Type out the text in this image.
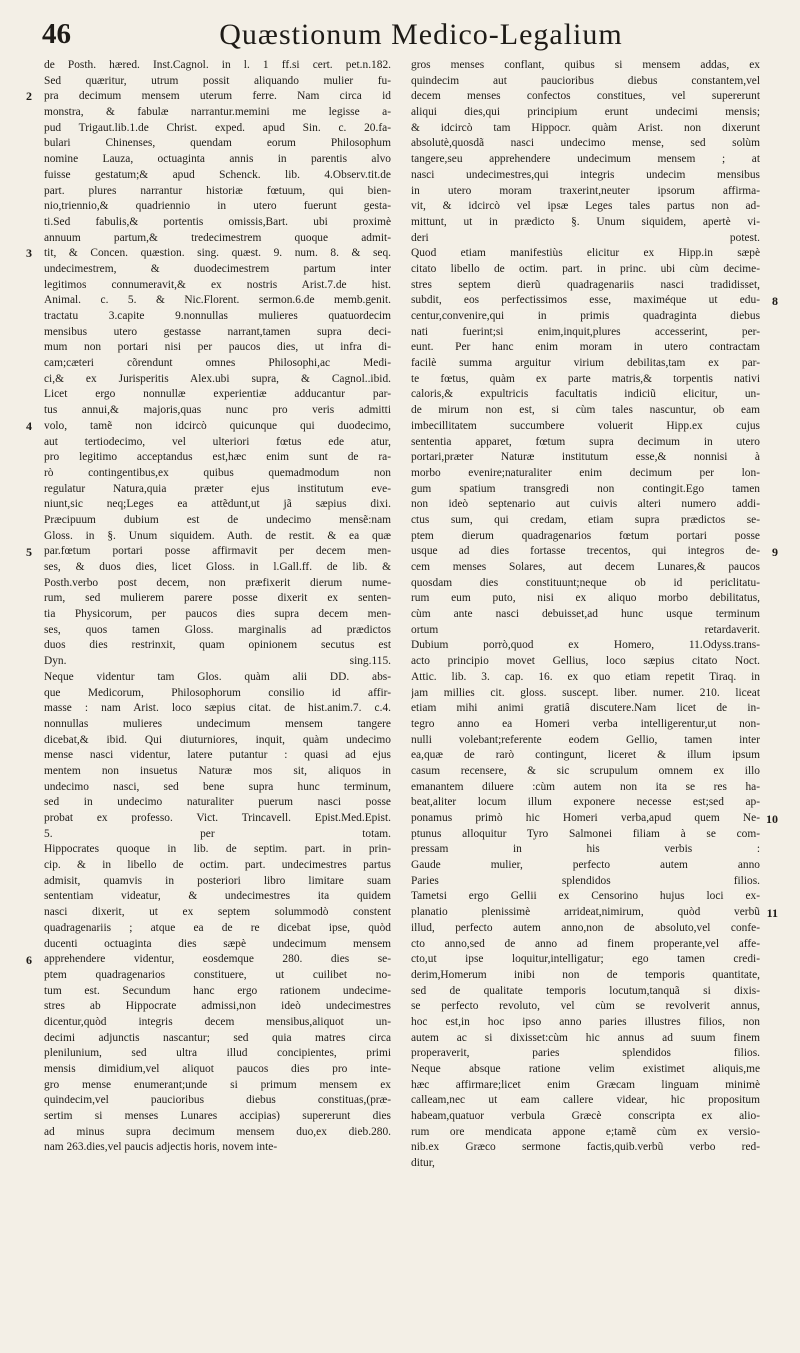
46	Quæstionum Medico-Legalium
de Posth. hæred. Inst.Cagnol. in l. 1 ff.si cert. pet.n.182.
Sed quæritur, utrum possit aliquando mulier fu-
pra decimum mensem uterum ferre. Nam circa id
monstra, & fabulæ narrantur.memini me legisse a-
pud Trigaut.lib.1.de Christ. exped. apud Sin. c. 20.fa-
bulari Chinenses, quendam eorum Philosophum
nomine Lauza, octuaginta annis in parentis alvo
fuisse gestatum;& apud Schenck. lib. 4.Observ.tit.de
part. plures narrantur historiæ fœtuum, qui bien-
nio,triennio,& quadriennio in utero fuerunt gesta-
ti.Sed fabulis,& portentis omissis,Bart. ubi proximè
annuum partum,& tredecimestrem quoque admit-
tit, & Concen. quæstion. sing. quæst. 9. num. 8. & seq.
undecimestrem, & duodecimestrem partum inter
legitimos connumeravit,& ex nostris Arist.7.de hist.
Animal. c. 5. & Nic.Florent. sermon.6.de memb.genit.
tractatu 3.capite 9.nonnullas mulieres quatuordecim
mensibus utero gestasse narrant,tamen supra deci-
mum non portari nisi per paucos dies, ut infra di-
cam;cæteri cõrendunt omnes Philosophi,ac Medi-
ci,& ex Jurisperitis Alex.ubi supra, & Cagnol..ibid.
Licet ergo nonnullæ experientiæ adducantur par-
tus annui,& majoris,quas nunc pro veris admitti
volo, tamẽ non idcircò quicunque qui duodecimo,
aut tertiodecimo, vel ulteriori fœtus ede atur,
pro legitimo acceptandus est,hæc enim sunt de ra-
rò contingentibus,ex quibus quemadmodum non
regulatur Natura,quia præter ejus institutum eve-
niunt,sic neq;Leges ea attẽdunt,ut jã sæpius dixi.
Præcipuum dubium est de undecimo mensẽ:nam
Gloss. in §. Unum siquidem. Auth. de restit. & ea quæ
par.fœtum portari posse affirmavit per decem men-
ses, & duos dies, licet Gloss. in l.Gall.ff. de lib. &
Posth.verbo post decem, non præfixerit dierum nume-
rum, sed mulierem parere posse dixerit ex senten-
tia Physicorum, per paucos dies supra decem men-
ses, quos tamen Gloss. marginalis ad prædictos
duos dies restrinxit, quam opinionem secutus est
Dyn. sing.115.
Neque videntur tam Glos. quàm alii DD. abs-
que Medicorum, Philosophorum consilio id affir-
masse : nam Arist. loco sæpius citat. de hist.anim.7. c.4.
nonnullas mulieres undecimum mensem tangere
dicebat,& ibid. Qui diuturniores, inquit, quàm undecimo
mense nasci videntur, latere putantur : quasi ad ejus
mentem non insuetus Naturæ mos sit, aliquos in
undecimo nasci, sed bene supra hunc terminum,
sed in undecimo naturaliter puerum nasci posse
probat ex professo. Vict. Trincavell. Epist.Med.Epist.
5. per totam.
Hippocrates quoque in lib. de septim. part. in prin-
cip. & in libello de octim. part. undecimestres partus
admisit, quamvis in posteriori libro limitare suam
sententiam videatur, & undecimestres ita quidem
nasci dixerit, ut ex septem solummodò constent
quadragenariis ; atque ea de re dicebat ipse, quòd
ducenti octuaginta dies sæpè undecimum mensem
apprehendere videntur, eosdemque 280. dies se-
ptem quadragenarios constituere, ut cuilibet no-
tum est. Secundum hanc ergo rationem undecime-
stres ab Hippocrate admissi,non ideò undecimestres
dicentur,quòd integris decem mensibus,aliquot un-
decimi adjunctis nascantur; sed quia matres circa
plenilunium, sed ultra illud concipientes, primi
mensis dimidium,vel aliquot paucos dies pro inte-
gro mense enumerant;unde si primum mensem ex
quindecim,vel paucioribus diebus constituas,(præ-
sertim si menses Lunares accipias) supererunt dies
ad minus supra decimum mensem duo,ex dieb.280.
nam 263.dies,vel paucis adjectis horis, novem inte-
2
3
4
5
6
gros menses conflant, quibus si mensem addas, ex
quindecim aut paucioribus diebus constantem,vel
decem menses confectos constitues, vel supererunt
aliqui dies,qui principium erunt undecimi mensis;
& idcircò tam Hippocr. quàm Arist. non dixerunt
absolutè,quosdã nasci undecimo mense, sed solùm
tangere,seu apprehendere undecimum mensem ; at
nasci undecimestres,qui integris undecim mensibus
in utero moram traxerint,neuter ipsorum affirma-
vit, & idcircò vel ipsæ Leges tales partus non ad-
mittunt, ut in prædicto §. Unum siquidem, apertè vi-
deri potest.
Quod etiam manifestiùs elicitur ex Hipp.in sæpè
citato libello de octim. part. in princ. ubi cùm decime-
stres septem dierũ quadragenariis nasci tradidisset,
subdit, eos perfectissimos esse, maximéque ut edu-
centur,convenire,qui in primis quadraginta diebus
nati fuerint;si enim,inquit,plures accesserint, per-
eunt. Per hanc enim moram in utero contractam
facilè summa arguitur virium debilitas,tam ex par-
te fœtus, quàm ex parte matris,& torpentis nativi
caloris,& expultricis facultatis indiciũ elicitur, un-
de mirum non est, si cùm tales nascuntur, ob eam
imbecillitatem succumbere voluerit Hipp.ex cujus
sententia apparet, fœtum supra decimum in utero
portari,præter Naturæ institutum esse,& nonnisi à
morbo evenire;naturaliter enim decimum per lon-
gum spatium transgredi non contingit.Ego tamen
non ideò septenario aut cuivis alteri numero addi-
ctus sum, qui credam, etiam supra prædictos se-
ptem dierum quadragenarios fœtum portari posse
usque ad dies fortasse trecentos, qui integros de-
cem menses Solares, aut decem Lunares,& paucos
quosdam dies constituunt;neque ob id periclitatu-
rum eum puto, nisi ex aliquo morbo debilitatus,
cùm ante nasci debuisset,ad hunc usque terminum
ortum retardaverit.
Dubium porrò,quod ex Homero, 11.Odyss.trans-
acto principio movet Gellius, loco sæpius citato Noct.
Attic. lib. 3. cap. 16. ex quo etiam repetit Tiraq. in
jam millies cit. gloss. suscept. liber. numer. 210. liceat
etiam mihi animi gratiâ discutere.Nam licet de in-
tegro anno ea Homeri verba intelligerentur,ut non-
nulli volebant;referente eodem Gellio, tamen inter
ea,quæ de rarò contingunt, liceret & illum ipsum
casum recensere, & sic scrupulum omnem ex illo
emanantem diluere :cùm autem non ita se res ha-
beat,aliter locum illum exponere necesse est;sed ap-
ponamus primò hic Homeri verba,apud quem Ne-
ptunus alloquitur Tyro Salmonei filiam à se com-
pressam in his verbis :
Gaude mulier, perfecto autem anno
Paries splendidos filios.
Tametsi ergo Gellii ex Censorino hujus loci ex-
planatio plenissimè arrideat,nimirum, quòd verbũ
illud, perfecto autem anno,non de absoluto,vel confe-
cto anno,sed de anno ad finem properante,vel affe-
cto,ut ipse loquitur,intelligatur; ego tamen credi-
derim,Homerum inibi non de temporis quantitate,
sed de qualitate temporis locutum,tanquã si dixis-
se perfecto revoluto, vel cùm se revolverit annus,
hoc est,in hoc ipso anno paries illustres filios, non
autem ac si dixisset:cùm hic annus ad suum finem
properaverit, paries splendidos filios.
Neque absque ratione velim existimet aliquis,me
hæc affirmare;licet enim Græcam linguam minimè
calleam,nec ut eam callere videar, hic propositum
habeam,quatuor verbula Græcè conscripta ex alio-
rum ore mendicata appone e;tamẽ cùm ex versio-
nib.ex Græco sermone factis,quib.verbũ verbo red-
ditur,
8
9
10
11
